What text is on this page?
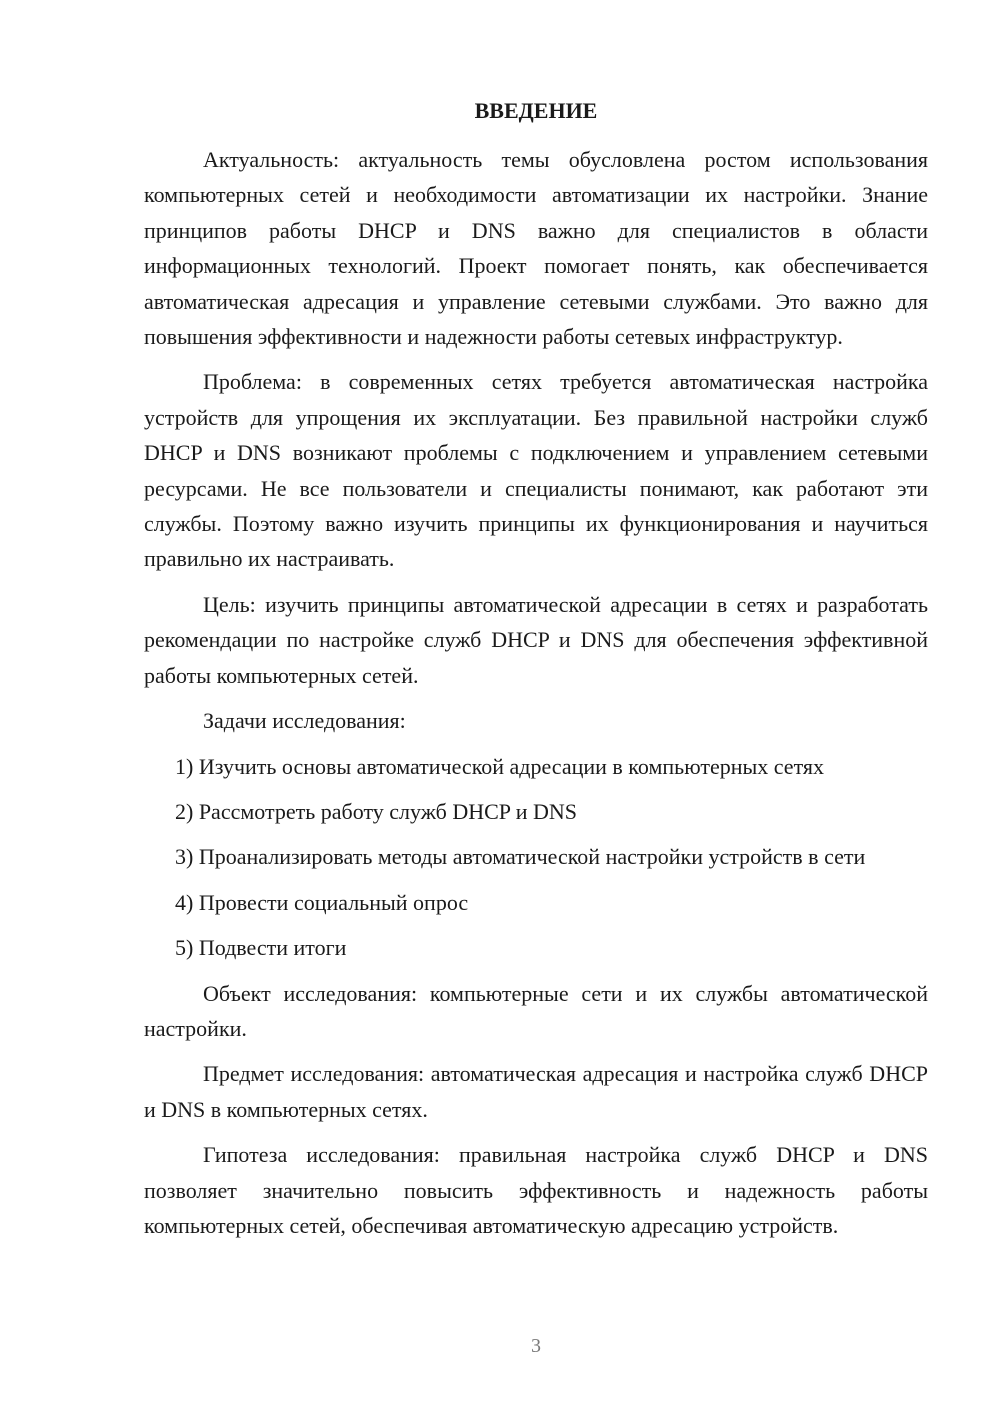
ВВЕДЕНИЕ

Актуальность: актуальность темы обусловлена ростом использования компьютерных сетей и необходимости автоматизации их настройки. Знание принципов работы DHCP и DNS важно для специалистов в области информационных технологий. Проект помогает понять, как обеспечивается автоматическая адресация и управление сетевыми службами. Это важно для повышения эффективности и надежности работы сетевых инфраструктур.

Проблема: в современных сетях требуется автоматическая настройка устройств для упрощения их эксплуатации. Без правильной настройки служб DHCP и DNS возникают проблемы с подключением и управлением сетевыми ресурсами. Не все пользователи и специалисты понимают, как работают эти службы. Поэтому важно изучить принципы их функционирования и научиться правильно их настраивать.

Цель: изучить принципы автоматической адресации в сетях и разработать рекомендации по настройке служб DHCP и DNS для обеспечения эффективной работы компьютерных сетей.

Задачи исследования:

1) Изучить основы автоматической адресации в компьютерных сетях

2) Рассмотреть работу служб DHCP и DNS

3) Проанализировать методы автоматической настройки устройств в сети

4) Провести социальный опрос

5) Подвести итоги

Объект исследования: компьютерные сети и их службы автоматической настройки.

Предмет исследования: автоматическая адресация и настройка служб DHCP и DNS в компьютерных сетях.

Гипотеза исследования: правильная настройка служб DHCP и DNS позволяет значительно повысить эффективность и надежность работы компьютерных сетей, обеспечивая автоматическую адресацию устройств.

3
